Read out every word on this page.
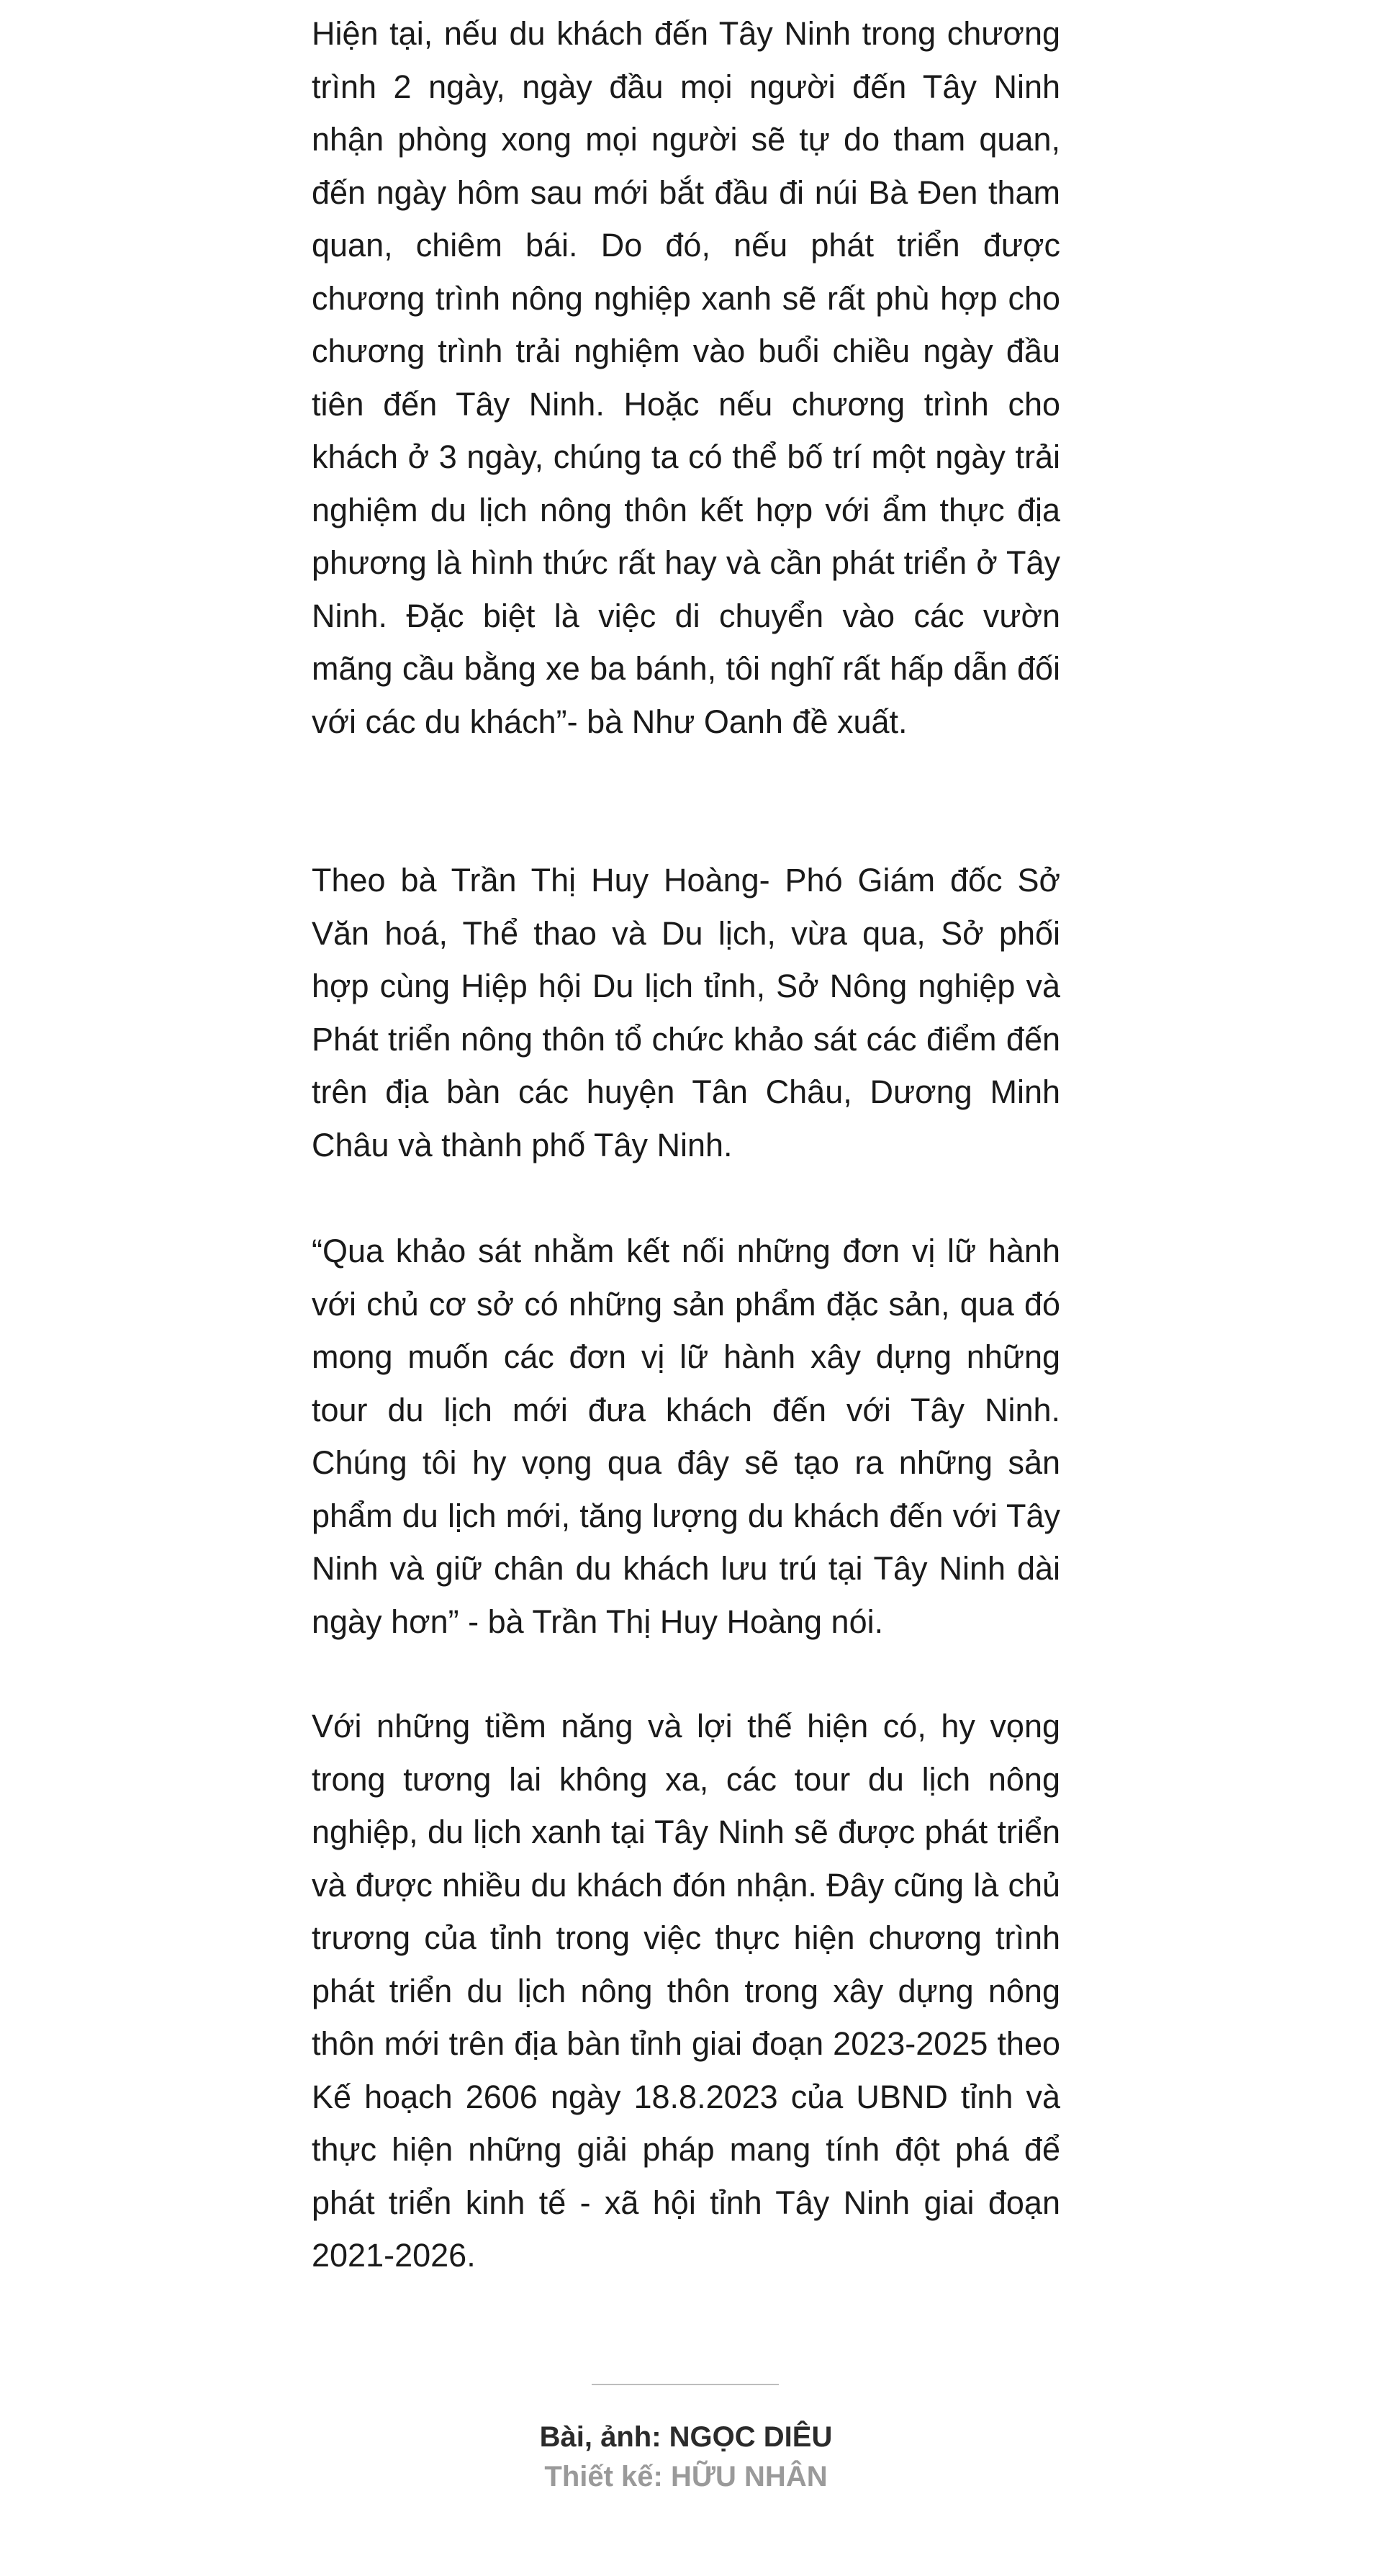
Hiện tại, nếu du khách đến Tây Ninh trong chương trình 2 ngày, ngày đầu mọi người đến Tây Ninh nhận phòng xong mọi người sẽ tự do tham quan, đến ngày hôm sau mới bắt đầu đi núi Bà Đen tham quan, chiêm bái. Do đó, nếu phát triển được chương trình nông nghiệp xanh sẽ rất phù hợp cho chương trình trải nghiệm vào buổi chiều ngày đầu tiên đến Tây Ninh. Hoặc nếu chương trình cho khách ở 3 ngày, chúng ta có thể bố trí một ngày trải nghiệm du lịch nông thôn kết hợp với ẩm thực địa phương là hình thức rất hay và cần phát triển ở Tây Ninh. Đặc biệt là việc di chuyển vào các vườn mãng cầu bằng xe ba bánh, tôi nghĩ rất hấp dẫn đối với các du khách”- bà Như Oanh đề xuất.

Theo bà Trần Thị Huy Hoàng- Phó Giám đốc Sở Văn hoá, Thể thao và Du lịch, vừa qua, Sở phối hợp cùng Hiệp hội Du lịch tỉnh, Sở Nông nghiệp và Phát triển nông thôn tổ chức khảo sát các điểm đến trên địa bàn các huyện Tân Châu, Dương Minh Châu và thành phố Tây Ninh.

“Qua khảo sát nhằm kết nối những đơn vị lữ hành với chủ cơ sở có những sản phẩm đặc sản, qua đó mong muốn các đơn vị lữ hành xây dựng những tour du lịch mới đưa khách đến với Tây Ninh. Chúng tôi hy vọng qua đây sẽ tạo ra những sản phẩm du lịch mới, tăng lượng du khách đến với Tây Ninh và giữ chân du khách lưu trú tại Tây Ninh dài ngày hơn” - bà Trần Thị Huy Hoàng nói.

Với những tiềm năng và lợi thế hiện có, hy vọng trong tương lai không xa, các tour du lịch nông nghiệp, du lịch xanh tại Tây Ninh sẽ được phát triển và được nhiều du khách đón nhận. Đây cũng là chủ trương của tỉnh trong việc thực hiện chương trình phát triển du lịch nông thôn trong xây dựng nông thôn mới trên địa bàn tỉnh giai đoạn 2023-2025 theo Kế hoạch 2606 ngày 18.8.2023 của UBND tỉnh và thực hiện những giải pháp mang tính đột phá để phát triển kinh tế - xã hội tỉnh Tây Ninh giai đoạn 2021-2026.

Bài, ảnh: NGỌC DIÊU
Thiết kế: HỮU NHÂN
